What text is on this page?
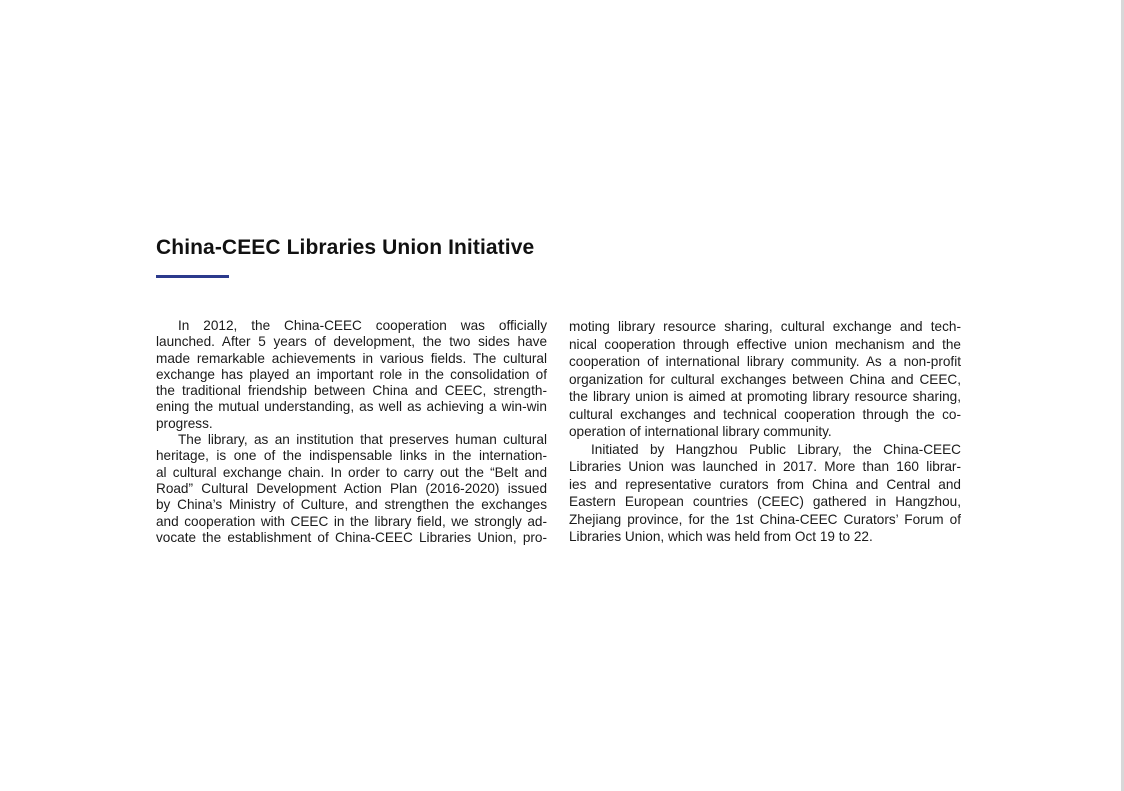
China-CEEC Libraries Union Initiative
In 2012, the China-CEEC cooperation was officially
launched. After 5 years of development, the two sides have
made remarkable achievements in various fields. The cultural
exchange has played an important role in the consolidation of
the traditional friendship between China and CEEC, strength-
ening the mutual understanding, as well as achieving a win-win
progress.
The library, as an institution that preserves human cultural
heritage, is one of the indispensable links in the internation-
al cultural exchange chain. In order to carry out the “Belt and
Road” Cultural Development Action Plan (2016-2020) issued
by China’s Ministry of Culture, and strengthen the exchanges
and cooperation with CEEC in the library field, we strongly ad-
vocate the establishment of China-CEEC Libraries Union, pro-
moting library resource sharing, cultural exchange and tech-
nical cooperation through effective union mechanism and the
cooperation of international library community. As a non-profit
organization for cultural exchanges between China and CEEC,
the library union is aimed at promoting library resource sharing,
cultural exchanges and technical cooperation through the co-
operation of international library community.
Initiated by Hangzhou Public Library, the China-CEEC
Libraries Union was launched in 2017. More than 160 librar-
ies and representative curators from China and Central and
Eastern European countries (CEEC) gathered in Hangzhou,
Zhejiang province, for the 1st China-CEEC Curators’ Forum of
Libraries Union, which was held from Oct 19 to 22.
